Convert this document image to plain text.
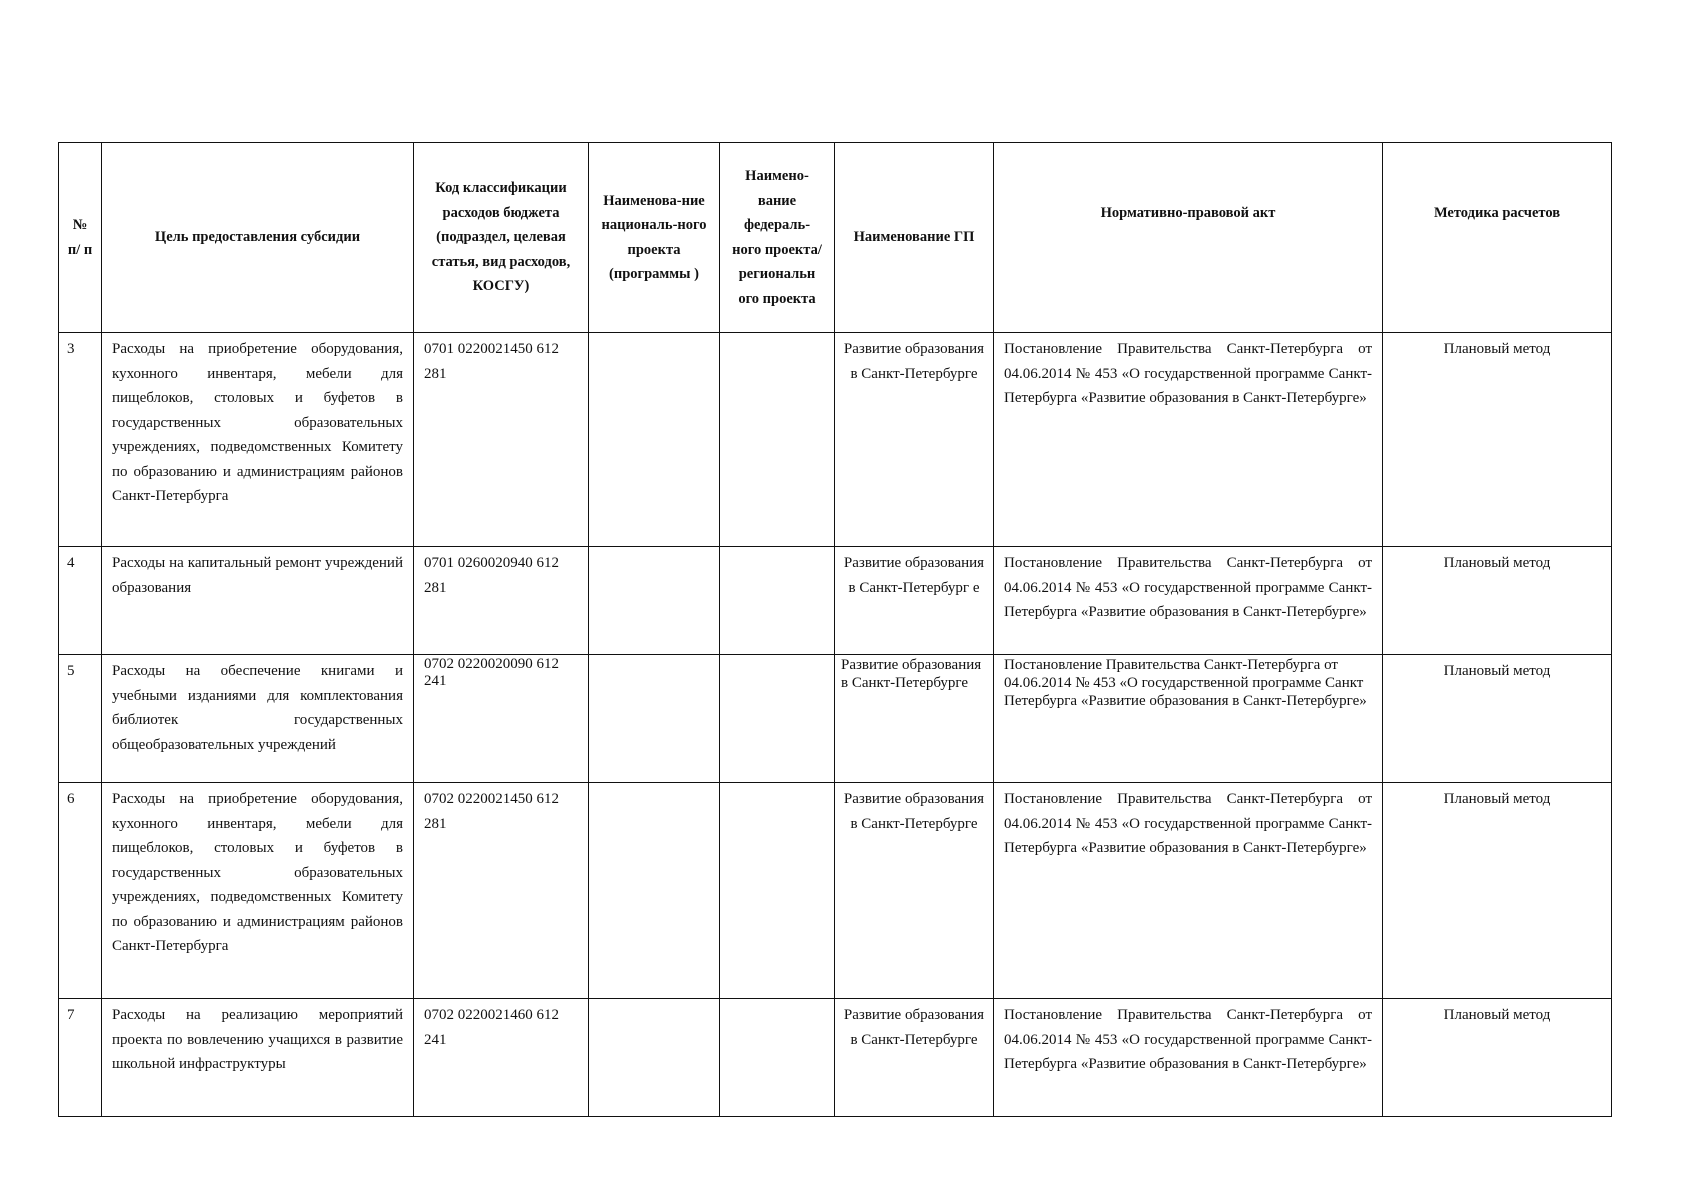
№ п/ п	Цель предоставления субсидии	Код классификации расходов бюджета (подраздел, целевая статья, вид расходов, КОСГУ)	Наименова-ние националь-ного проекта (программы )	Наимено-вание федераль-ного проекта/ региональн ого проекта	Наименование ГП	Нормативно-правовой акт	Методика расчетов
3	Расходы на приобретение оборудования, кухонного инвентаря, мебели для пищеблоков, столовых и буфетов в государственных образовательных учреждениях, подведомственных Комитету по образованию и администрациям районов Санкт-Петербурга	0701 0220021450 612 281			Развитие образования в Санкт-Петербурге	Постановление Правительства Санкт-Петербурга от 04.06.2014 № 453 «О государственной программе Санкт-Петербурга «Развитие образования в Санкт-Петербурге»	Плановый метод
4	Расходы на капитальный ремонт учреждений образования	0701 0260020940 612 281			Развитие образования в Санкт-Петербург е	Постановление Правительства Санкт-Петербурга от 04.06.2014 № 453 «О государственной программе Санкт-Петербурга «Развитие образования в Санкт-Петербурге»	Плановый метод
5	Расходы на обеспечение книгами и учебными изданиями для комплектования библиотек государственных общеобразовательных учреждений	0702 0220020090 612 241			Развитие образования в Санкт-Петербурге	Постановление Правительства Санкт-Петербурга от 04.06.2014 № 453 «О государственной программе Санкт Петербурга «Развитие образования в Санкт-Петербурге»	Плановый метод
6	Расходы на приобретение оборудования, кухонного инвентаря, мебели для пищеблоков, столовых и буфетов в государственных образовательных учреждениях, подведомственных Комитету по образованию и администрациям районов Санкт-Петербурга	0702 0220021450 612 281			Развитие образования в Санкт-Петербурге	Постановление Правительства Санкт-Петербурга от 04.06.2014 № 453 «О государственной программе Санкт-Петербурга «Развитие образования в Санкт-Петербурге»	Плановый метод
7	Расходы на реализацию мероприятий проекта по вовлечению учащихся в развитие школьной инфраструктуры	0702 0220021460 612 241			Развитие образования в Санкт-Петербурге	Постановление Правительства Санкт-Петербурга от 04.06.2014 № 453 «О государственной программе Санкт-Петербурга «Развитие образования в Санкт-Петербурге»	Плановый метод
